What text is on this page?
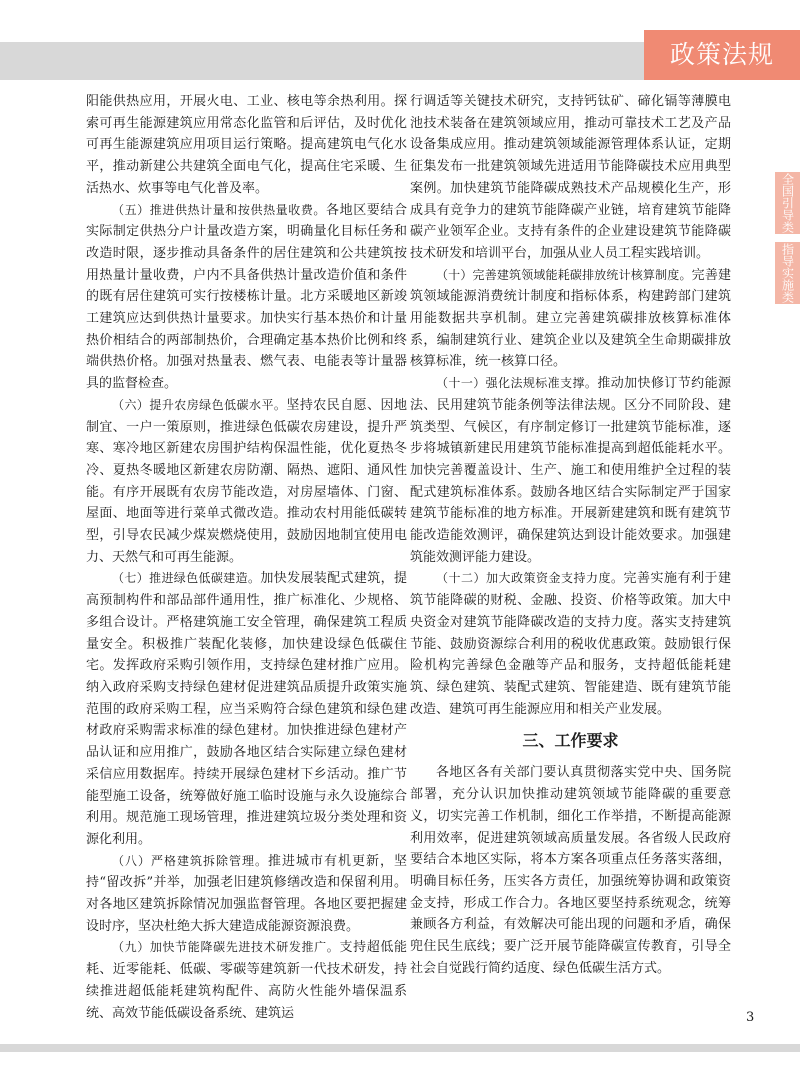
政策法规
全国引导类
指导实施类

阳能供热应用，开展火电、工业、核电等余热利用。探索可再生能源建筑应用常态化监管和后评估，及时优化可再生能源建筑应用项目运行策略。提高建筑电气化水平，推动新建公共建筑全面电气化，提高住宅采暖、生活热水、炊事等电气化普及率。

（五）推进供热计量和按供热量收费。各地区要结合实际制定供热分户计量改造方案，明确量化目标任务和改造时限，逐步推动具备条件的居住建筑和公共建筑按用热量计量收费，户内不具备供热计量改造价值和条件的既有居住建筑可实行按楼栋计量。北方采暖地区新竣工建筑应达到供热计量要求。加快实行基本热价和计量热价相结合的两部制热价，合理确定基本热价比例和终端供热价格。加强对热量表、燃气表、电能表等计量器具的监督检查。

（六）提升农房绿色低碳水平。坚持农民自愿、因地制宜、一户一策原则，推进绿色低碳农房建设，提升严寒、寒冷地区新建农房围护结构保温性能，优化夏热冬冷、夏热冬暖地区新建农房防潮、隔热、遮阳、通风性能。有序开展既有农房节能改造，对房屋墙体、门窗、屋面、地面等进行菜单式微改造。推动农村用能低碳转型，引导农民减少煤炭燃烧使用，鼓励因地制宜使用电力、天然气和可再生能源。

（七）推进绿色低碳建造。加快发展装配式建筑，提高预制构件和部品部件通用性，推广标准化、少规格、多组合设计。严格建筑施工安全管理，确保建筑工程质量安全。积极推广装配化装修，加快建设绿色低碳住宅。发挥政府采购引领作用，支持绿色建材推广应用。纳入政府采购支持绿色建材促进建筑品质提升政策实施范围的政府采购工程，应当采购符合绿色建筑和绿色建材政府采购需求标准的绿色建材。加快推进绿色建材产品认证和应用推广，鼓励各地区结合实际建立绿色建材采信应用数据库。持续开展绿色建材下乡活动。推广节能型施工设备，统筹做好施工临时设施与永久设施综合利用。规范施工现场管理，推进建筑垃圾分类处理和资源化利用。

（八）严格建筑拆除管理。推进城市有机更新，坚持“留改拆”并举，加强老旧建筑修缮改造和保留利用。对各地区建筑拆除情况加强监督管理。各地区要把握建设时序，坚决杜绝大拆大建造成能源资源浪费。

（九）加快节能降碳先进技术研发推广。支持超低能耗、近零能耗、低碳、零碳等建筑新一代技术研发，持续推进超低能耗建筑构配件、高防火性能外墙保温系统、高效节能低碳设备系统、建筑运

行调适等关键技术研究，支持钙钛矿、碲化镉等薄膜电池技术装备在建筑领域应用，推动可靠技术工艺及产品设备集成应用。推动建筑领域能源管理体系认证，定期征集发布一批建筑领域先进适用节能降碳技术应用典型案例。加快建筑节能降碳成熟技术产品规模化生产，形成具有竞争力的建筑节能降碳产业链，培育建筑节能降碳产业领军企业。支持有条件的企业建设建筑节能降碳技术研发和培训平台，加强从业人员工程实践培训。

（十）完善建筑领域能耗碳排放统计核算制度。完善建筑领域能源消费统计制度和指标体系，构建跨部门建筑用能数据共享机制。建立完善建筑碳排放核算标准体系，编制建筑行业、建筑企业以及建筑全生命期碳排放核算标准，统一核算口径。

（十一）强化法规标准支撑。推动加快修订节约能源法、民用建筑节能条例等法律法规。区分不同阶段、建筑类型、气候区，有序制定修订一批建筑节能标准，逐步将城镇新建民用建筑节能标准提高到超低能耗水平。加快完善覆盖设计、生产、施工和使用维护全过程的装配式建筑标准体系。鼓励各地区结合实际制定严于国家建筑节能标准的地方标准。开展新建建筑和既有建筑节能改造能效测评，确保建筑达到设计能效要求。加强建筑能效测评能力建设。

（十二）加大政策资金支持力度。完善实施有利于建筑节能降碳的财税、金融、投资、价格等政策。加大中央资金对建筑节能降碳改造的支持力度。落实支持建筑节能、鼓励资源综合利用的税收优惠政策。鼓励银行保险机构完善绿色金融等产品和服务，支持超低能耗建筑、绿色建筑、装配式建筑、智能建造、既有建筑节能改造、建筑可再生能源应用和相关产业发展。

三、工作要求

各地区各有关部门要认真贯彻落实党中央、国务院部署，充分认识加快推动建筑领域节能降碳的重要意义，切实完善工作机制，细化工作举措，不断提高能源利用效率，促进建筑领域高质量发展。各省级人民政府要结合本地区实际，将本方案各项重点任务落实落细，明确目标任务，压实各方责任，加强统筹协调和政策资金支持，形成工作合力。各地区要坚持系统观念，统筹兼顾各方利益，有效解决可能出现的问题和矛盾，确保兜住民生底线；要广泛开展节能降碳宣传教育，引导全社会自觉践行简约适度、绿色低碳生活方式。

3
